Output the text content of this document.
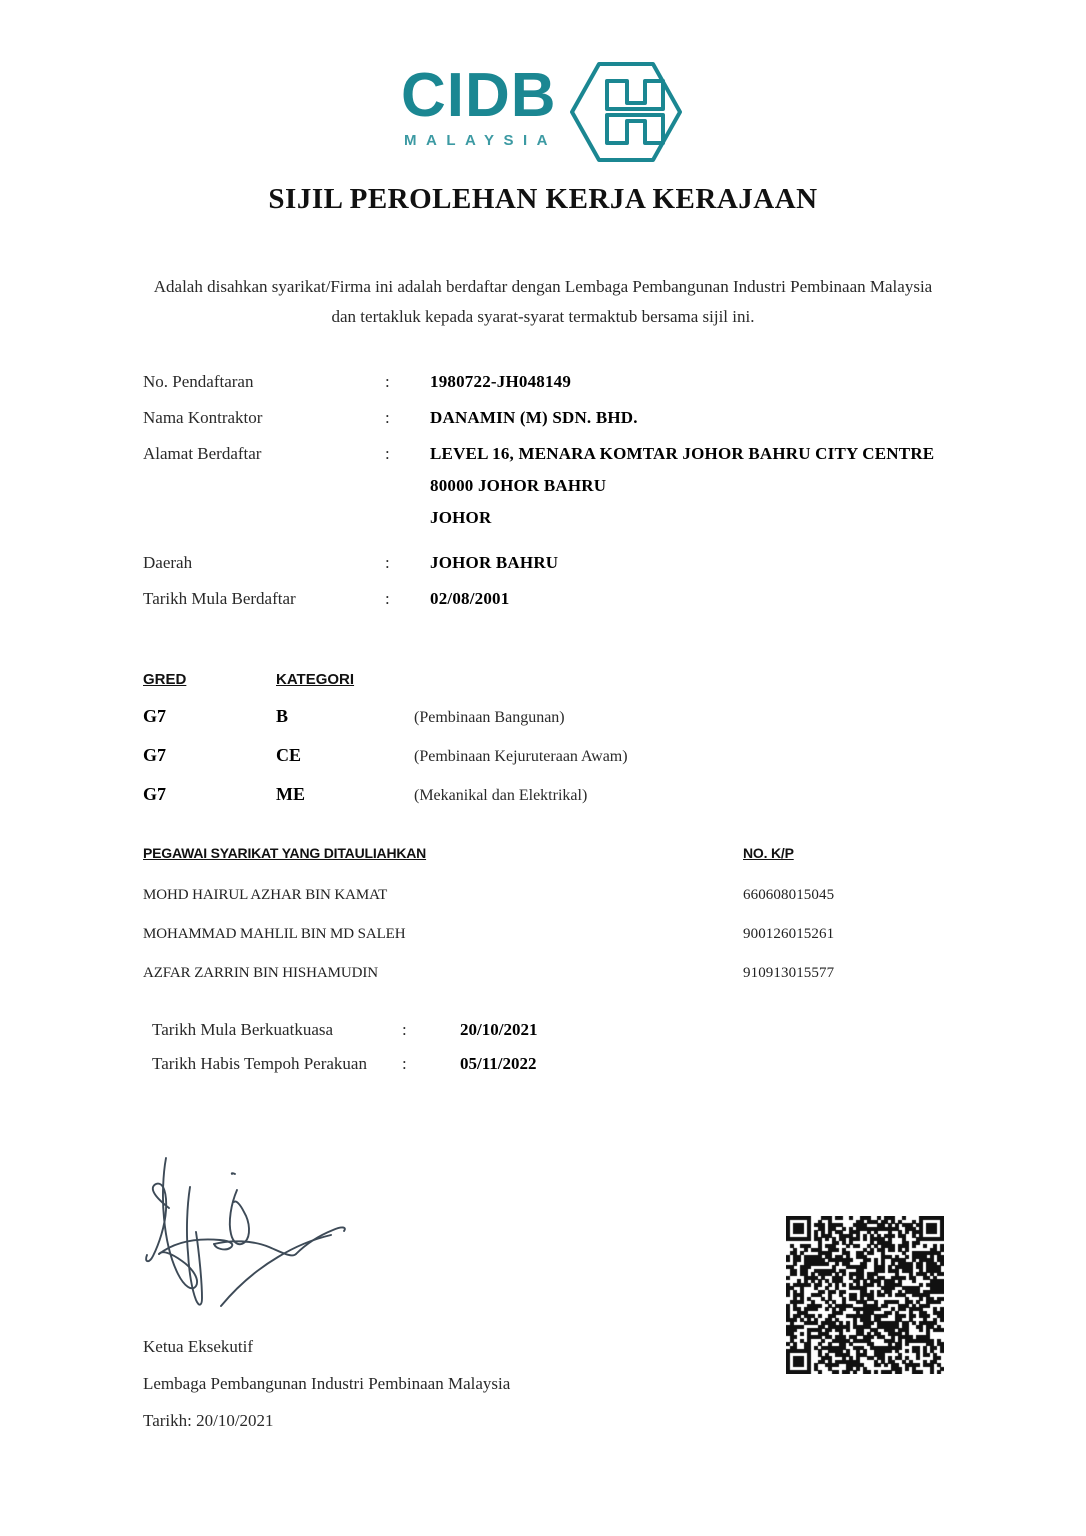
CIDB
MALAYSIA
SIJIL PEROLEHAN KERJA KERAJAAN
Adalah disahkan syarikat/Firma ini adalah berdaftar dengan Lembaga Pembangunan Industri Pembinaan Malaysia dan tertakluk kepada syarat-syarat termaktub bersama sijil ini.
No. Pendaftaran	:	1980722-JH048149
Nama Kontraktor	:	DANAMIN (M) SDN. BHD.
Alamat Berdaftar	:	LEVEL 16, MENARA KOMTAR JOHOR BAHRU CITY CENTRE
80000 JOHOR BAHRU
JOHOR
Daerah	:	JOHOR BAHRU
Tarikh Mula Berdaftar	:	02/08/2001
GRED	KATEGORI
G7	B	(Pembinaan Bangunan)
G7	CE	(Pembinaan Kejuruteraan Awam)
G7	ME	(Mekanikal dan Elektrikal)
PEGAWAI SYARIKAT YANG DITAULIAHKAN	NO. K/P
MOHD HAIRUL AZHAR BIN KAMAT	660608015045
MOHAMMAD MAHLIL BIN MD SALEH	900126015261
AZFAR ZARRIN BIN HISHAMUDIN	910913015577
Tarikh Mula Berkuatkuasa	:	20/10/2021
Tarikh Habis Tempoh Perakuan	:	05/11/2022
Ketua Eksekutif
Lembaga Pembangunan Industri Pembinaan Malaysia
Tarikh: 20/10/2021
